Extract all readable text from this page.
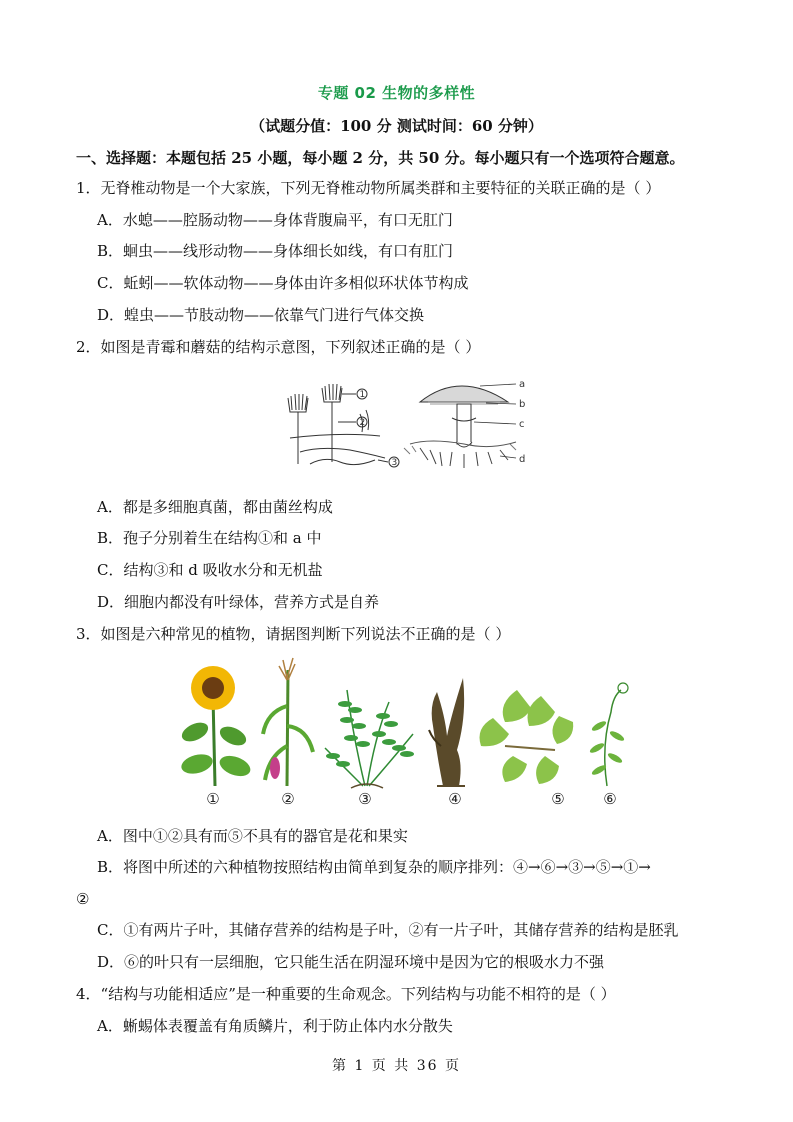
专题 02 生物的多样性
（试题分值：100 分 测试时间：60 分钟）
一、选择题：本题包括 25 小题，每小题 2 分，共 50 分。每小题只有一个选项符合题意。
1．无脊椎动物是一个大家族，下列无脊椎动物所属类群和主要特征的关联正确的是（ ）
A．水螅——腔肠动物——身体背腹扁平，有口无肛门
B．蛔虫——线形动物——身体细长如线，有口有肛门
C．蚯蚓——软体动物——身体由许多相似环状体节构成
D．蝗虫——节肢动物——依靠气门进行气体交换
2．如图是青霉和蘑菇的结构示意图，下列叙述正确的是（ ）
1
2
3
a
b
c
d
A．都是多细胞真菌，都由菌丝构成
B．孢子分别着生在结构①和 a 中
C．结构③和 d 吸收水分和无机盐
D．细胞内都没有叶绿体，营养方式是自养
3．如图是六种常见的植物，请据图判断下列说法不正确的是（ ）
①	②	③	④	⑤	⑥
A．图中①②具有而⑤不具有的器官是花和果实
B．将图中所述的六种植物按照结构由简单到复杂的顺序排列：④→⑥→③→⑤→①→
②
C．①有两片子叶，其储存营养的结构是子叶，②有一片子叶，其储存营养的结构是胚乳
D．⑥的叶只有一层细胞，它只能生活在阴湿环境中是因为它的根吸水力不强
4．“结构与功能相适应”是一种重要的生命观念。下列结构与功能不相符的是（ ）
A．蜥蜴体表覆盖有角质鳞片，利于防止体内水分散失
第 1 页 共 36 页
